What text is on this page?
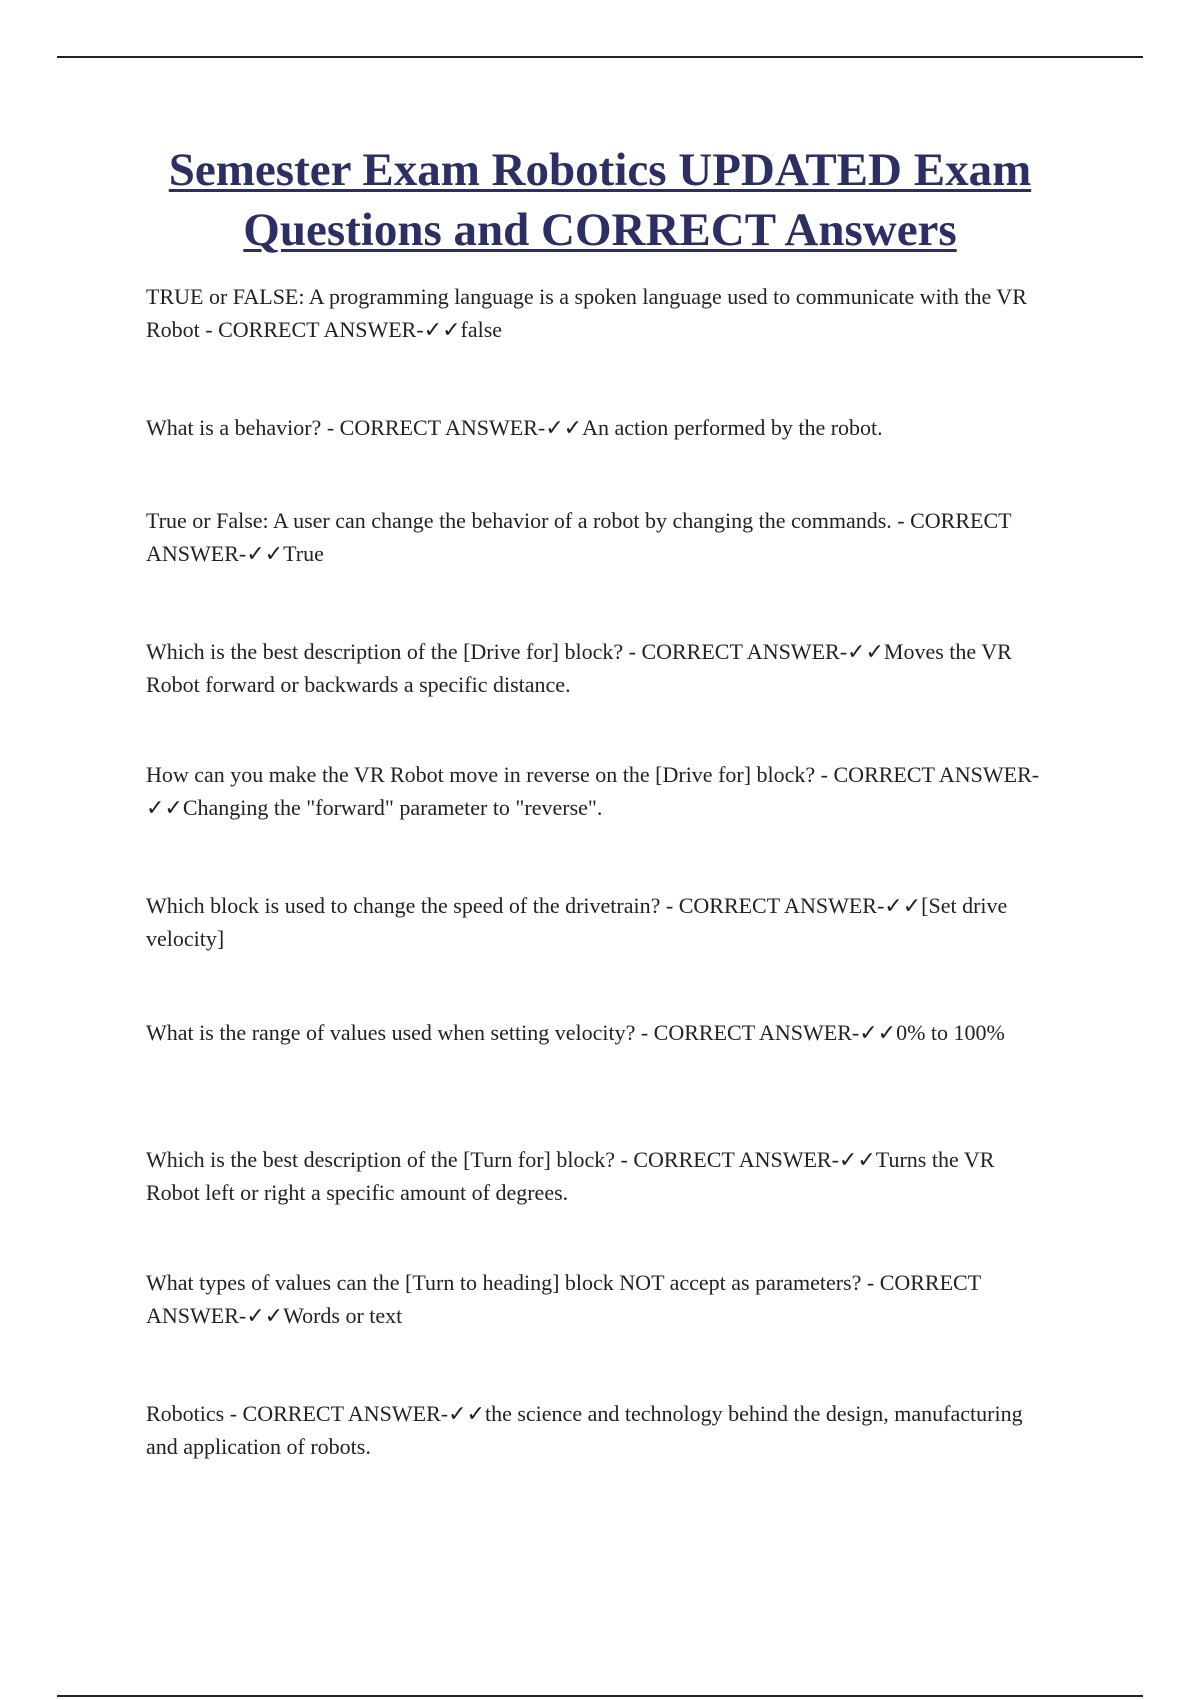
Semester Exam Robotics UPDATED Exam
Questions and CORRECT Answers

TRUE or FALSE: A programming language is a spoken language used to communicate with the VR Robot - CORRECT ANSWER-✓✓false

What is a behavior? - CORRECT ANSWER-✓✓An action performed by the robot.

True or False: A user can change the behavior of a robot by changing the commands. - CORRECT ANSWER-✓✓True

Which is the best description of the [Drive for] block? - CORRECT ANSWER-✓✓Moves the VR Robot forward or backwards a specific distance.

How can you make the VR Robot move in reverse on the [Drive for] block? - CORRECT ANSWER-✓✓Changing the "forward" parameter to "reverse".

Which block is used to change the speed of the drivetrain? - CORRECT ANSWER-✓✓[Set drive velocity]

What is the range of values used when setting velocity? - CORRECT ANSWER-✓✓0% to 100%

Which is the best description of the [Turn for] block? - CORRECT ANSWER-✓✓Turns the VR Robot left or right a specific amount of degrees.

What types of values can the [Turn to heading] block NOT accept as parameters? - CORRECT ANSWER-✓✓Words or text

Robotics - CORRECT ANSWER-✓✓the science and technology behind the design, manufacturing and application of robots.
